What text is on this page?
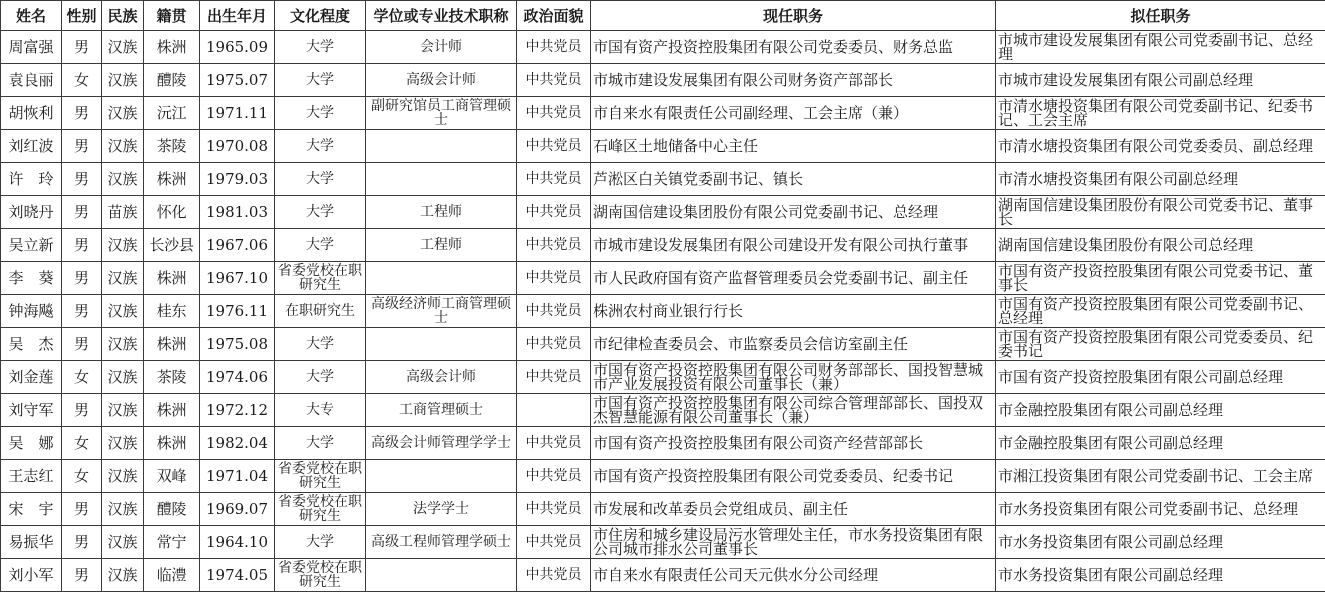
姓名	性别	民族	籍贯	出生年月	文化程度	学位或专业技术职称	政治面貌	现任职务	拟任职务
周富强	男	汉族	株洲	1965.09	大学	会计师	中共党员	市国有资产投资控股集团有限公司党委委员、财务总监	市城市建设发展集团有限公司党委副书记、总经理
袁良丽	女	汉族	醴陵	1975.07	大学	高级会计师	中共党员	市城市建设发展集团有限公司财务资产部部长	市城市建设发展集团有限公司副总经理
胡恢利	男	汉族	沅江	1971.11	大学	副研究馆员工商管理硕士	中共党员	市自来水有限责任公司副经理、工会主席（兼）	市清水塘投资集团有限公司党委副书记、纪委书记、工会主席
刘红波	男	汉族	茶陵	1970.08	大学		中共党员	石峰区土地储备中心主任	市清水塘投资集团有限公司党委委员、副总经理
许　玲	男	汉族	株洲	1979.03	大学		中共党员	芦淞区白关镇党委副书记、镇长	市清水塘投资集团有限公司副总经理
刘晓丹	男	苗族	怀化	1981.03	大学	工程师	中共党员	湖南国信建设集团股份有限公司党委副书记、总经理	湖南国信建设集团股份有限公司党委书记、董事长
吴立新	男	汉族	长沙县	1967.06	大学	工程师	中共党员	市城市建设发展集团有限公司建设开发有限公司执行董事	湖南国信建设集团股份有限公司总经理
李　葵	男	汉族	株洲	1967.10	省委党校在职研究生		中共党员	市人民政府国有资产监督管理委员会党委副书记、副主任	市国有资产投资控股集团有限公司党委书记、董事长
钟海飚	男	汉族	桂东	1976.11	在职研究生	高级经济师工商管理硕士	中共党员	株洲农村商业银行行长	市国有资产投资控股集团有限公司党委副书记、总经理
吴　杰	男	汉族	株洲	1975.08	大学		中共党员	市纪律检查委员会、市监察委员会信访室副主任	市国有资产投资控股集团有限公司党委委员、纪委书记
刘金莲	女	汉族	茶陵	1974.06	大学	高级会计师	中共党员	市国有资产投资控股集团有限公司财务部部长、国投智慧城市产业发展投资有限公司董事长（兼）	市国有资产投资控股集团有限公司副总经理
刘守军	男	汉族	株洲	1972.12	大专	工商管理硕士		市国有资产投资控股集团有限公司综合管理部部长、国投双杰智慧能源有限公司董事长（兼）	市金融控股集团有限公司副总经理
吴　娜	女	汉族	株洲	1982.04	大学	高级会计师管理学学士	中共党员	市国有资产投资控股集团有限公司资产经营部部长	市金融控股集团有限公司副总经理
王志红	女	汉族	双峰	1971.04	省委党校在职研究生		中共党员	市国有资产投资控股集团有限公司党委委员、纪委书记	市湘江投资集团有限公司党委副书记、工会主席
宋　宇	男	汉族	醴陵	1969.07	省委党校在职研究生	法学学士	中共党员	市发展和改革委员会党组成员、副主任	市水务投资集团有限公司党委副书记、总经理
易振华	男	汉族	常宁	1964.10	大学	高级工程师管理学硕士	中共党员	市住房和城乡建设局污水管理处主任，市水务投资集团有限公司城市排水公司董事长	市水务投资集团有限公司副总经理
刘小军	男	汉族	临澧	1974.05	省委党校在职研究生		中共党员	市自来水有限责任公司天元供水分公司经理	市水务投资集团有限公司副总经理
